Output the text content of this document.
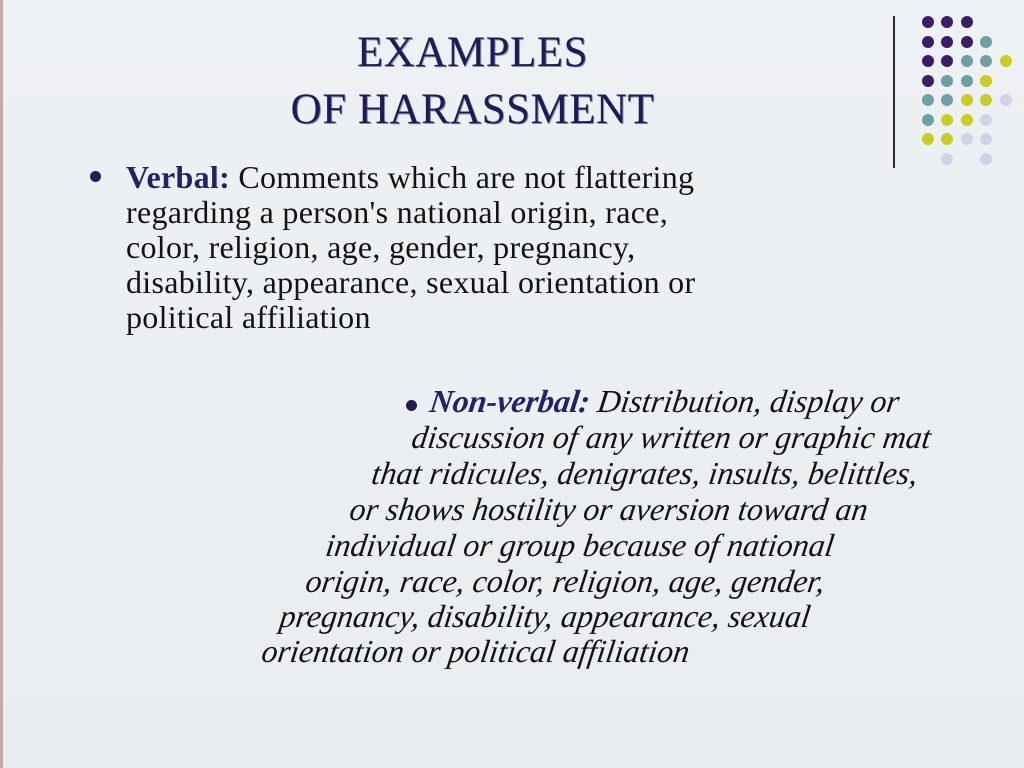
EXAMPLES
OF HARASSMENT
Verbal: Comments which are not flattering
regarding a person's national origin, race,
color, religion, age, gender, pregnancy,
disability, appearance, sexual orientation or
political affiliation
Non-verbal: Distribution, display or
discussion of any written or graphic mat
that ridicules, denigrates, insults, belittles,
or shows hostility or aversion toward an
individual or group because of national
origin, race, color, religion, age, gender,
pregnancy, disability, appearance, sexual
orientation or political affiliation
